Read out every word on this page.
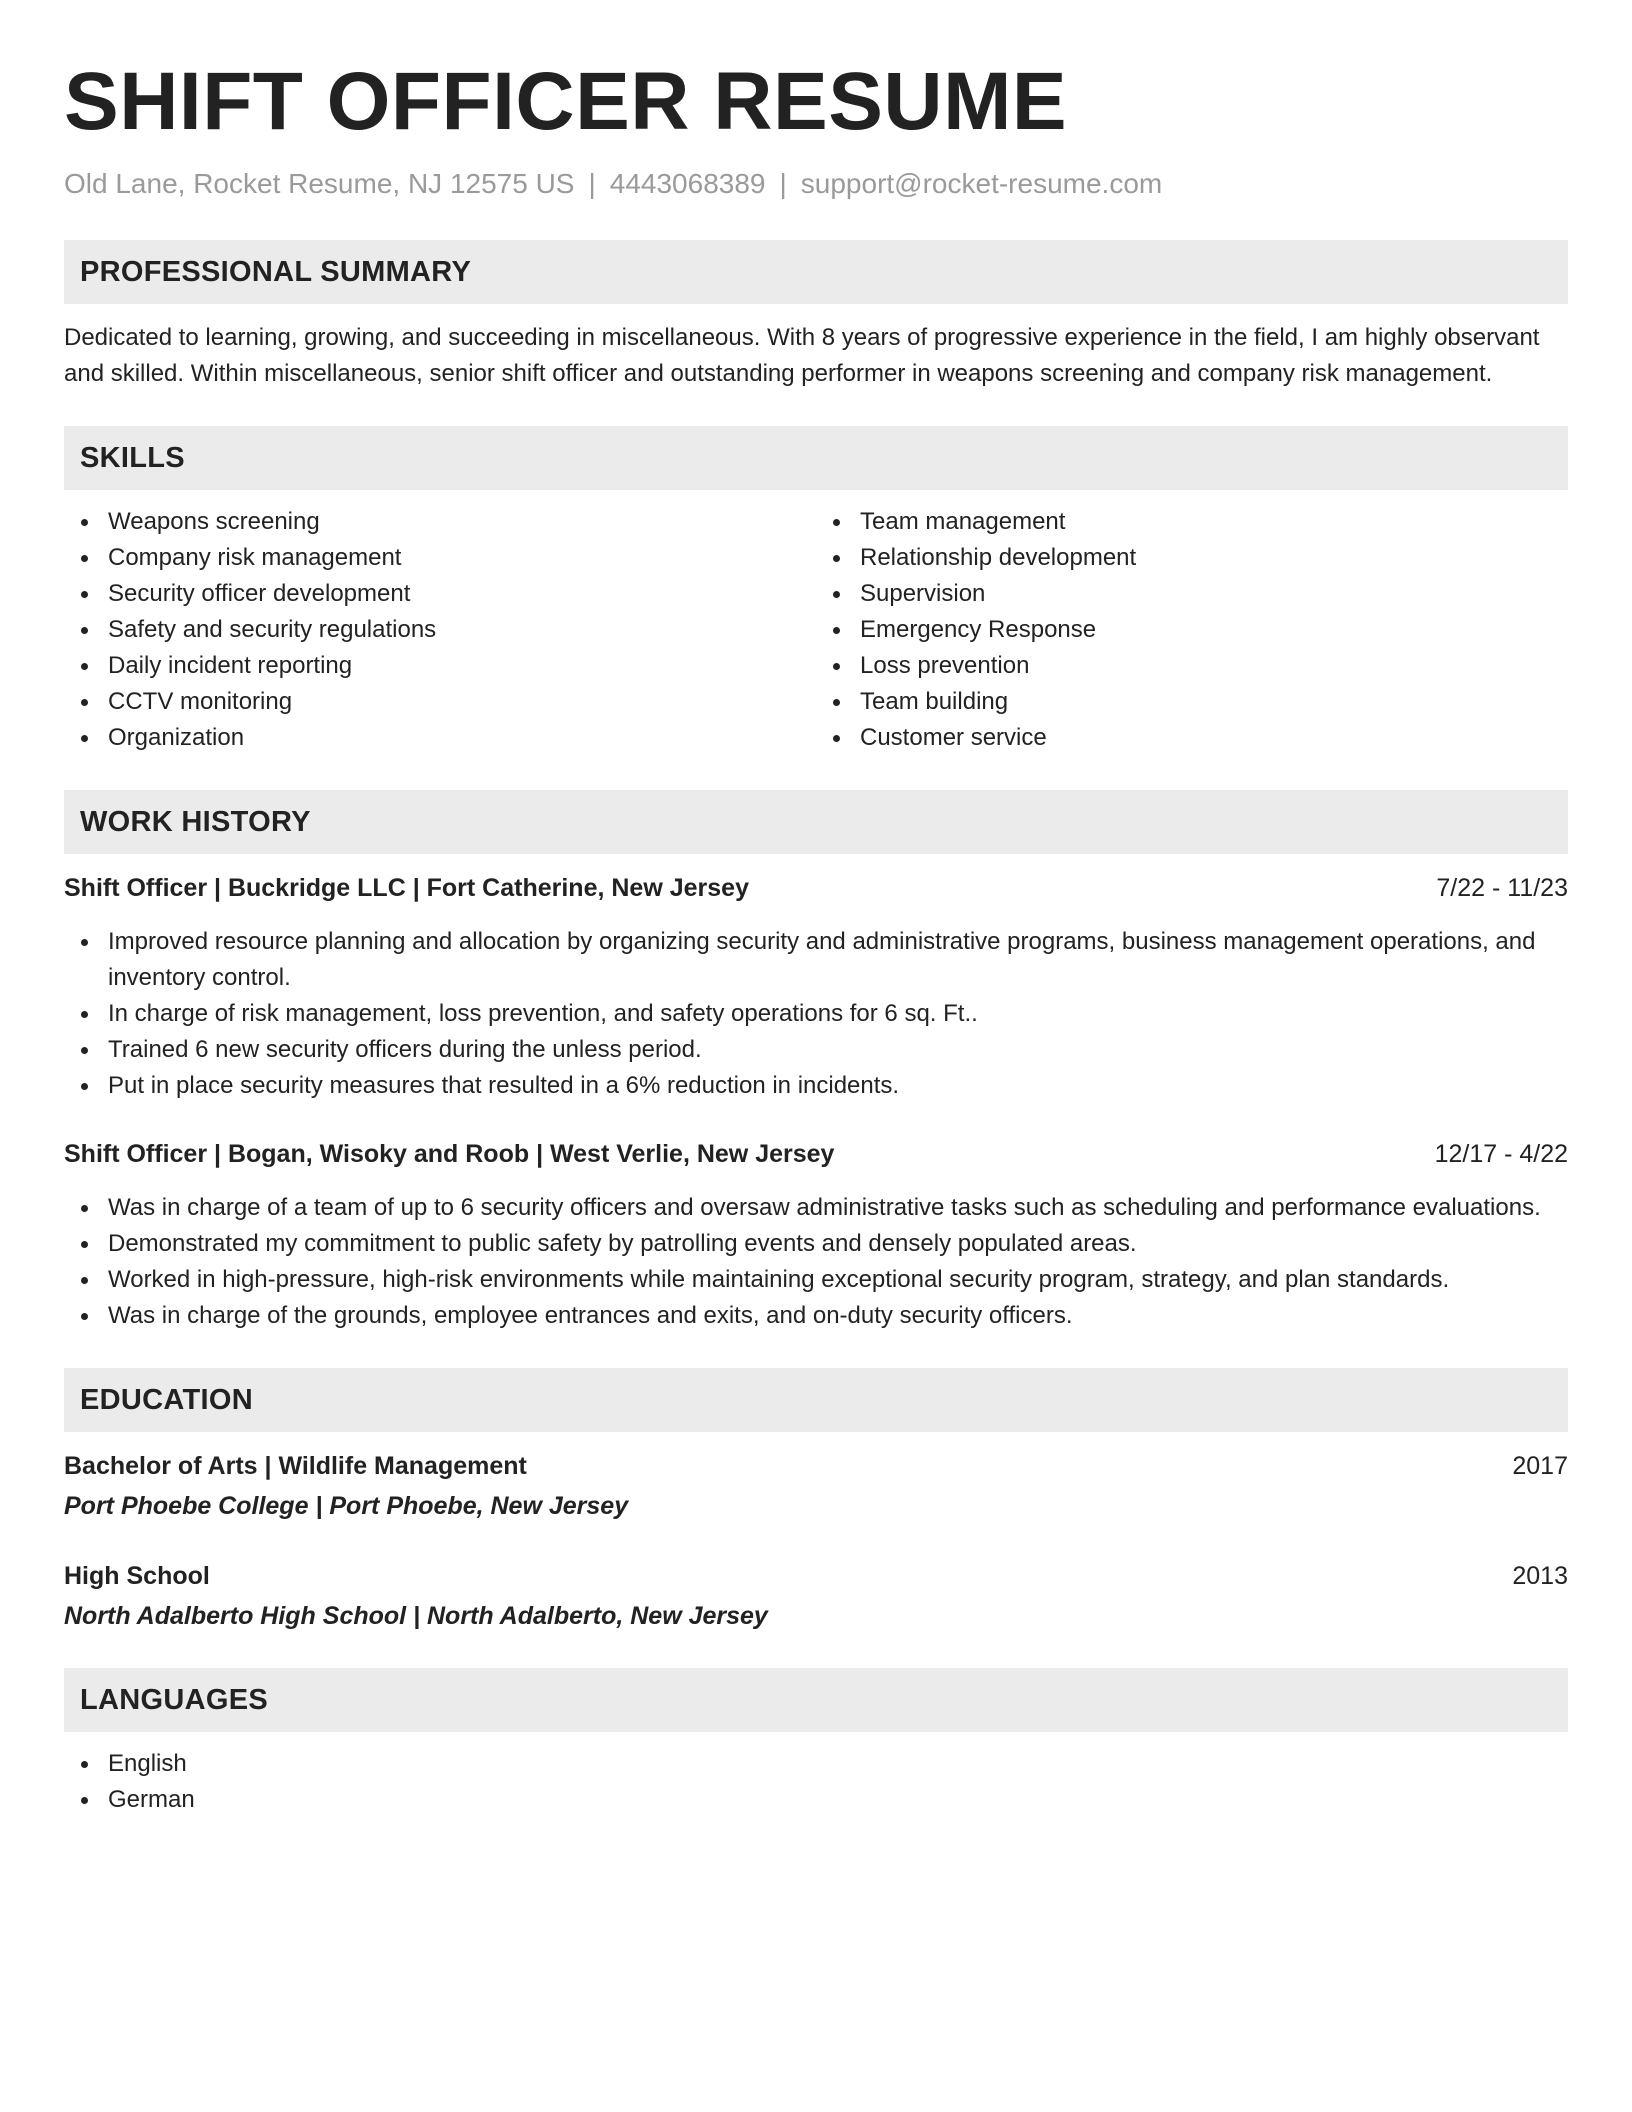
SHIFT OFFICER RESUME
Old Lane, Rocket Resume, NJ 12575 US | 4443068389 | support@rocket-resume.com
PROFESSIONAL SUMMARY

Dedicated to learning, growing, and succeeding in miscellaneous. With 8 years of progressive experience in the field, I am highly observant and skilled. Within miscellaneous, senior shift officer and outstanding performer in weapons screening and company risk management.

SKILLS
Weapons screening
Company risk management
Security officer development
Safety and security regulations
Daily incident reporting
CCTV monitoring
Organization
Team management
Relationship development
Supervision
Emergency Response
Loss prevention
Team building
Customer service
WORK HISTORY
Shift Officer | Buckridge LLC | Fort Catherine, New Jersey	7/22 - 11/23
Improved resource planning and allocation by organizing security and administrative programs, business management operations, and inventory control.
In charge of risk management, loss prevention, and safety operations for 6 sq. Ft..
Trained 6 new security officers during the unless period.
Put in place security measures that resulted in a 6% reduction in incidents.
Shift Officer | Bogan, Wisoky and Roob | West Verlie, New Jersey	12/17 - 4/22
Was in charge of a team of up to 6 security officers and oversaw administrative tasks such as scheduling and performance evaluations.
Demonstrated my commitment to public safety by patrolling events and densely populated areas.
Worked in high-pressure, high-risk environments while maintaining exceptional security program, strategy, and plan standards.
Was in charge of the grounds, employee entrances and exits, and on-duty security officers.
EDUCATION
Bachelor of Arts | Wildlife Management	2017
Port Phoebe College | Port Phoebe, New Jersey
High School	2013
North Adalberto High School | North Adalberto, New Jersey
LANGUAGES
English
German
